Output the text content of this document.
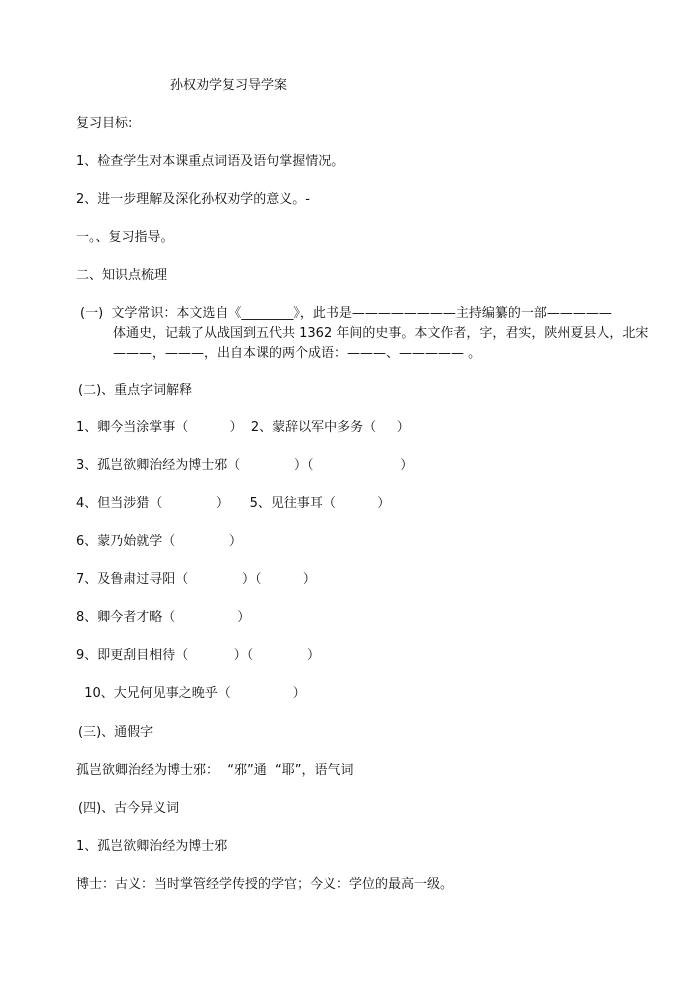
孙权劝学复习导学案
复习目标:
1、检查学生对本课重点词语及语句掌握情况。
2、进一步理解及深化孙权劝学的意义。-
一。、复习指导。
二、知识点梳理
(一)  文学常识：本文选自《________》，此书是————————主持编纂的一部—————
体通史，记载了从战国到五代共 1362 年间的史事。本文作者，字，君实，陕州夏县人，北宋
———，———，出自本课的两个成语：———、————— 。
(二)、重点字词解释
1、卿今当涂掌事（          ）  2、蒙辞以军中多务（     ）
3、孤岂欲卿治经为博士邪（             ）（                     ）
4、但当涉猎（             ）     5、见往事耳（          ）
6、蒙乃始就学（             ）
7、及鲁肃过寻阳（             ）（          ）
8、卿今者才略（               ）
9、即更刮目相待（           ）（             ）
10、大兄何见事之晚乎（               ）
(三)、通假字
孤岂欲卿治经为博士邪：  “邪”通  “耶”，语气词
(四)、古今异义词
1、孤岂欲卿治经为博士邪
博士：古义：当时掌管经学传授的学官；今义：学位的最高一级。
